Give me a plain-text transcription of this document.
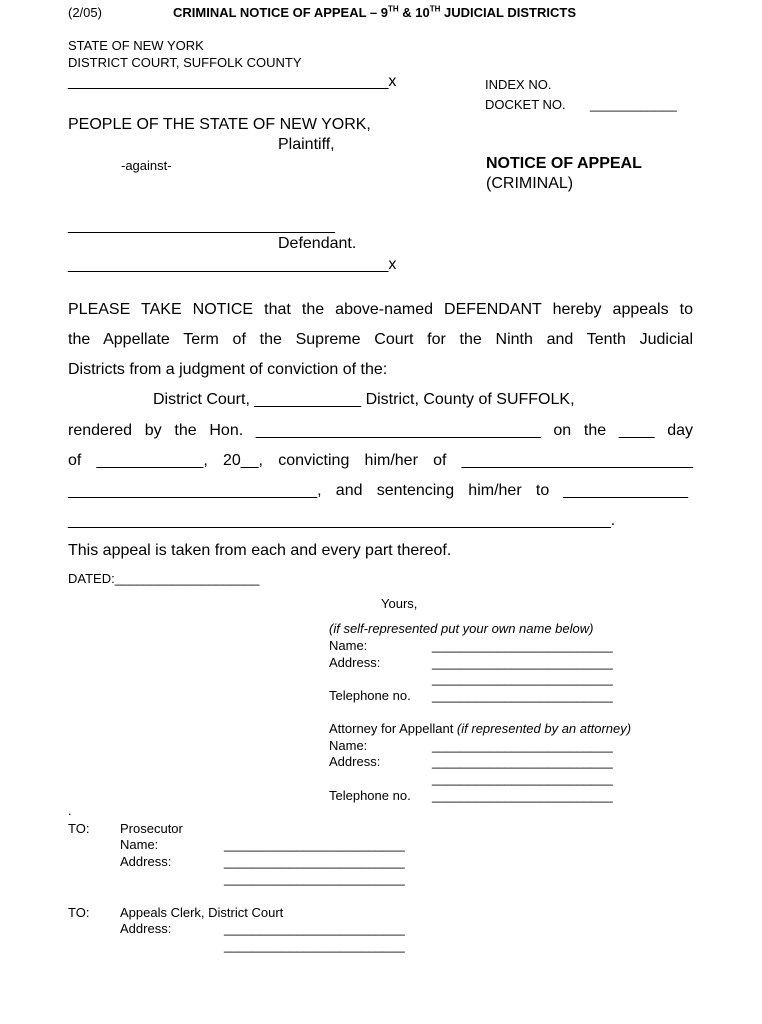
(2/05)	CRIMINAL NOTICE OF APPEAL – 9TH & 10TH JUDICIAL DISTRICTS
STATE OF NEW YORK
DISTRICT COURT, SUFFOLK COUNTY
____________________________________x	INDEX NO.
DOCKET NO. ____________
PEOPLE OF THE STATE OF NEW YORK,
Plaintiff,
-against-
______________________________
Defendant.
____________________________________x
NOTICE OF APPEAL
(CRIMINAL)
PLEASE TAKE NOTICE that the above-named DEFENDANT hereby appeals to
the Appellate Term of the Supreme Court for the Ninth and Tenth Judicial
Districts from a judgment of conviction of the:
District Court, ____________ District, County of SUFFOLK,
rendered by the Hon. ________________________________ on the ____ day
of ____________, 20__, convicting him/her of __________________________
____________________________, and sentencing him/her to ______________
_____________________________________________________________.
This appeal is taken from each and every part thereof.
DATED:____________________
Yours,
(if self-represented put your own name below)
Name:	_________________________
Address:	_________________________
_________________________
Telephone no. _________________________
Attorney for Appellant (if represented by an attorney)
Name:	_________________________
Address:	_________________________
_________________________
Telephone no. _________________________
.
TO: Prosecutor
Name:	_________________________
Address:	_________________________
_________________________
TO: Appeals Clerk, District Court
Address:	_________________________
_________________________
